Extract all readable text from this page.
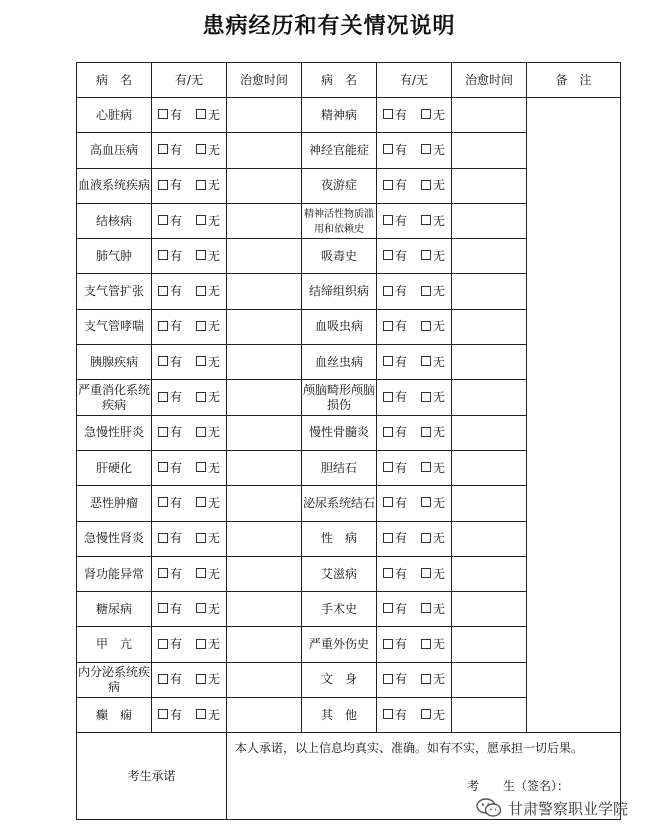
患病经历和有关情况说明
病　名	有/无	治愈时间	病　名	有/无	治愈时间	备　注
心脏病	有 无		精神病	有 无		
高血压病	有 无		神经官能症	有 无		
血液系统疾病	有 无		夜游症	有 无		
结核病	有 无		精神活性物质滥用和依赖史	有 无		
肺气肿	有 无		吸毒史	有 无		
支气管扩张	有 无		结缔组织病	有 无		
支气管哮喘	有 无		血吸虫病	有 无		
胰腺疾病	有 无		血丝虫病	有 无		
严重消化系统疾病	有 无		颅脑畸形颅脑损伤	有 无		
急慢性肝炎	有 无		慢性骨髓炎	有 无		
肝硬化	有 无		胆结石	有 无		
恶性肿瘤	有 无		泌尿系统结石	有 无		
急慢性肾炎	有 无		性　病	有 无		
肾功能异常	有 无		艾滋病	有 无		
糖尿病	有 无		手术史	有 无		
甲　亢	有 无		严重外伤史	有 无		
内分泌系统疾病	有 无		文　身	有 无		
癫　痫	有 无		其　他	有 无		
考生承诺		本人承诺，以上信息均真实、准确。如有不实，愿承担一切后果。
考　　生（签名）：				
甘肃警察职业学院
